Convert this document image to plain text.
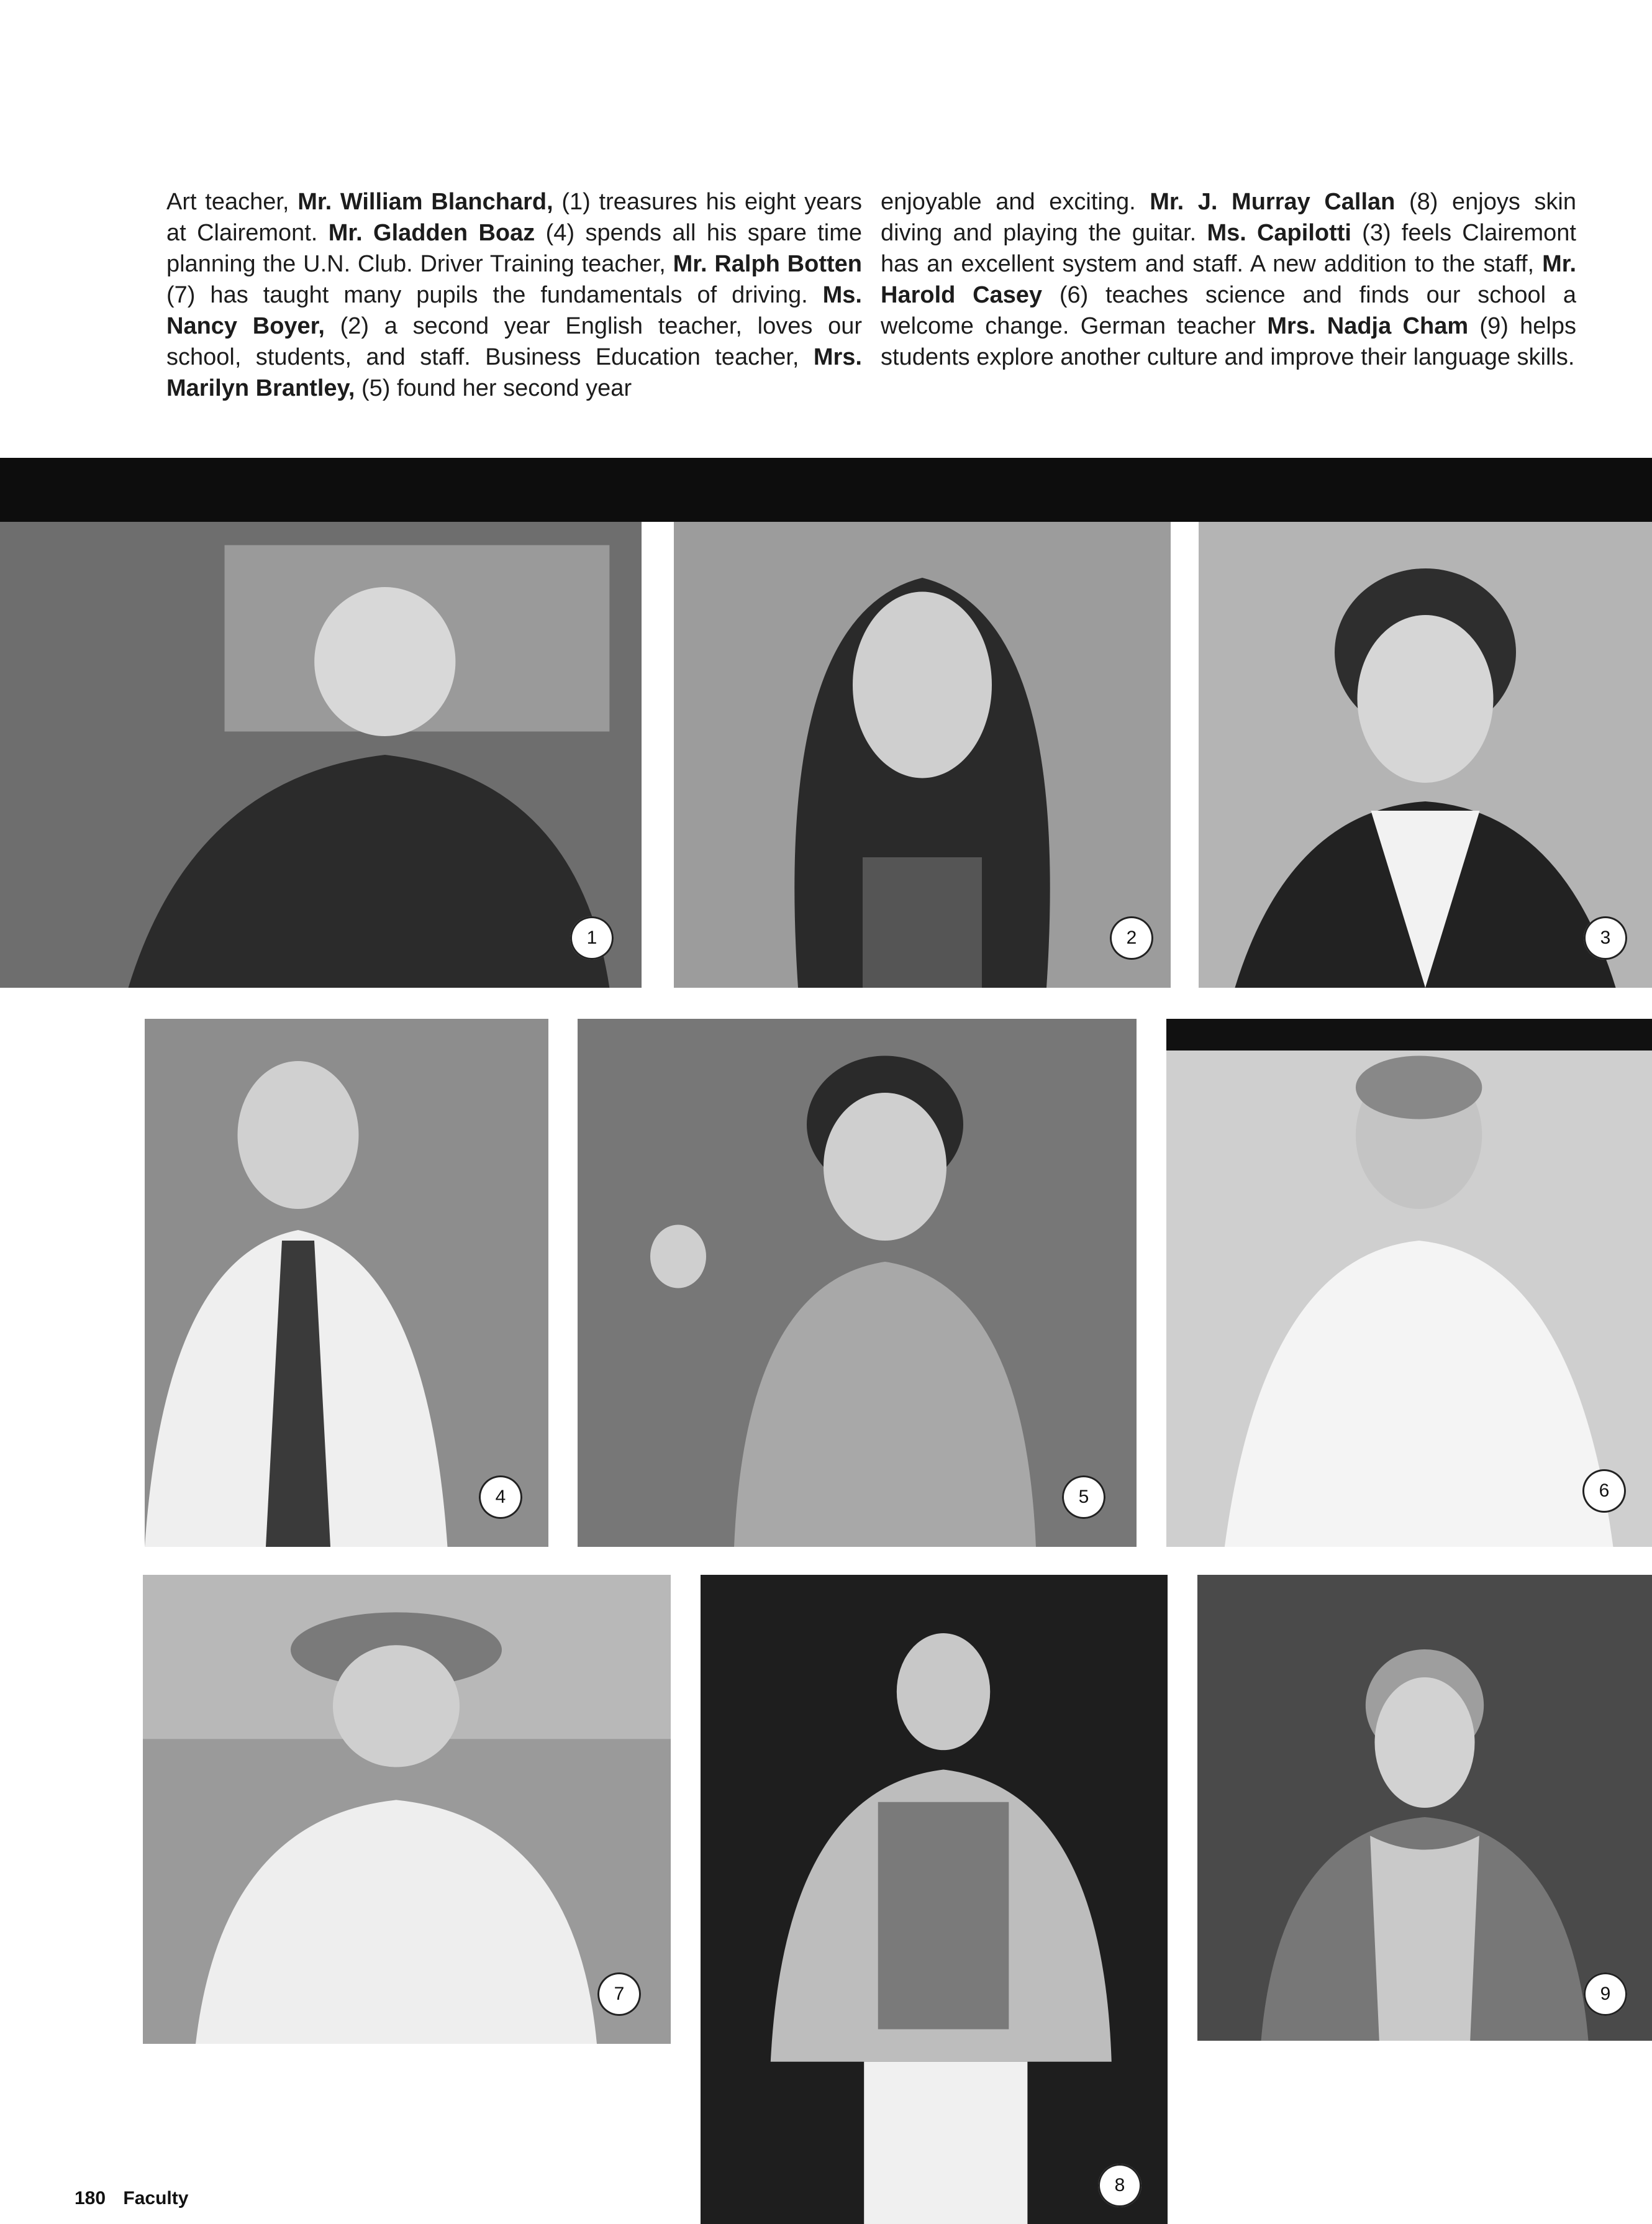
Art teacher, Mr. William Blanchard, (1) treasures his eight years at Clairemont. Mr. Gladden Boaz (4) spends all his spare time planning the U.N. Club. Driver Training teacher, Mr. Ralph Botten (7) has taught many pupils the fundamentals of driving. Ms. Nancy Boyer, (2) a second year English teacher, loves our school, students, and staff. Business Education teacher, Mrs. Marilyn Brantley, (5) found her second year

enjoyable and exciting. Mr. J. Murray Callan (8) enjoys skin diving and playing the guitar. Ms. Capilotti (3) feels Clairemont has an excellent system and staff. A new addition to the staff, Mr. Harold Casey (6) teaches science and finds our school a welcome change. German teacher Mrs. Nadja Cham (9) helps students explore another culture and improve their language skills.

1	2	3
4	5	6
7
8
9
180 Faculty
